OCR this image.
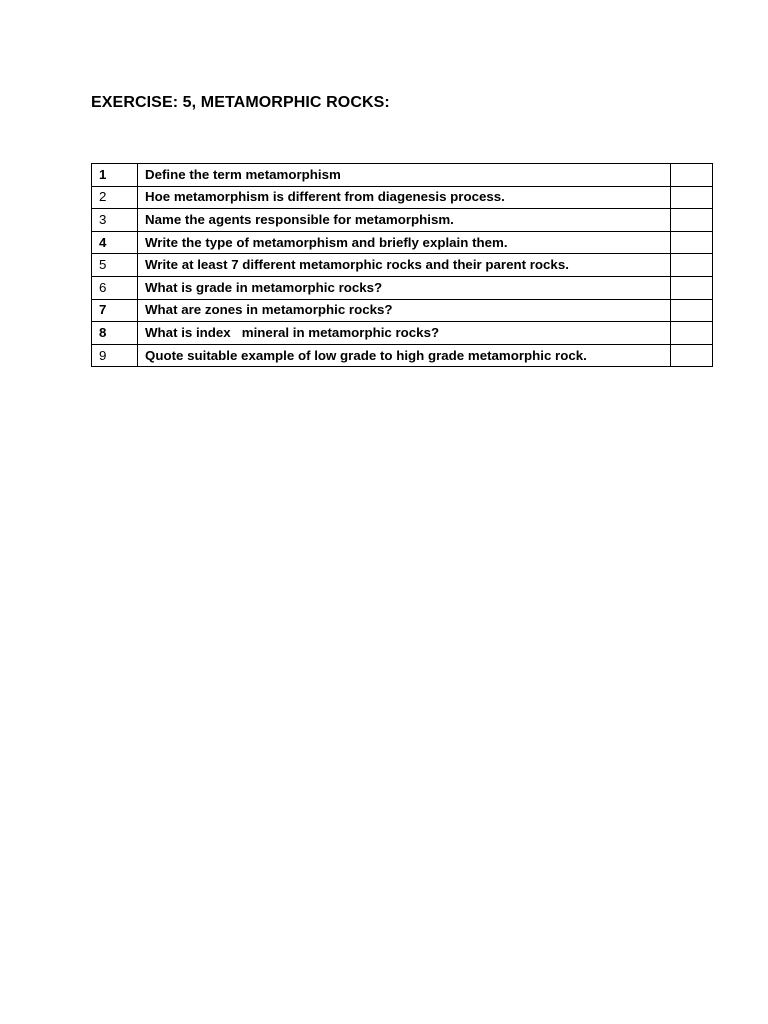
EXERCISE: 5, METAMORPHIC ROCKS:
1	Define the term metamorphism	
2	Hoe metamorphism is different from diagenesis process.	
3	Name the agents responsible for metamorphism.	
4	Write the type of metamorphism and briefly explain them.	
5	Write at least 7 different metamorphic rocks and their parent rocks.	
6	What is grade in metamorphic rocks?	
7	What are zones in metamorphic rocks?	
8	What is index   mineral in metamorphic rocks?	
9	Quote suitable example of low grade to high grade metamorphic rock.	
